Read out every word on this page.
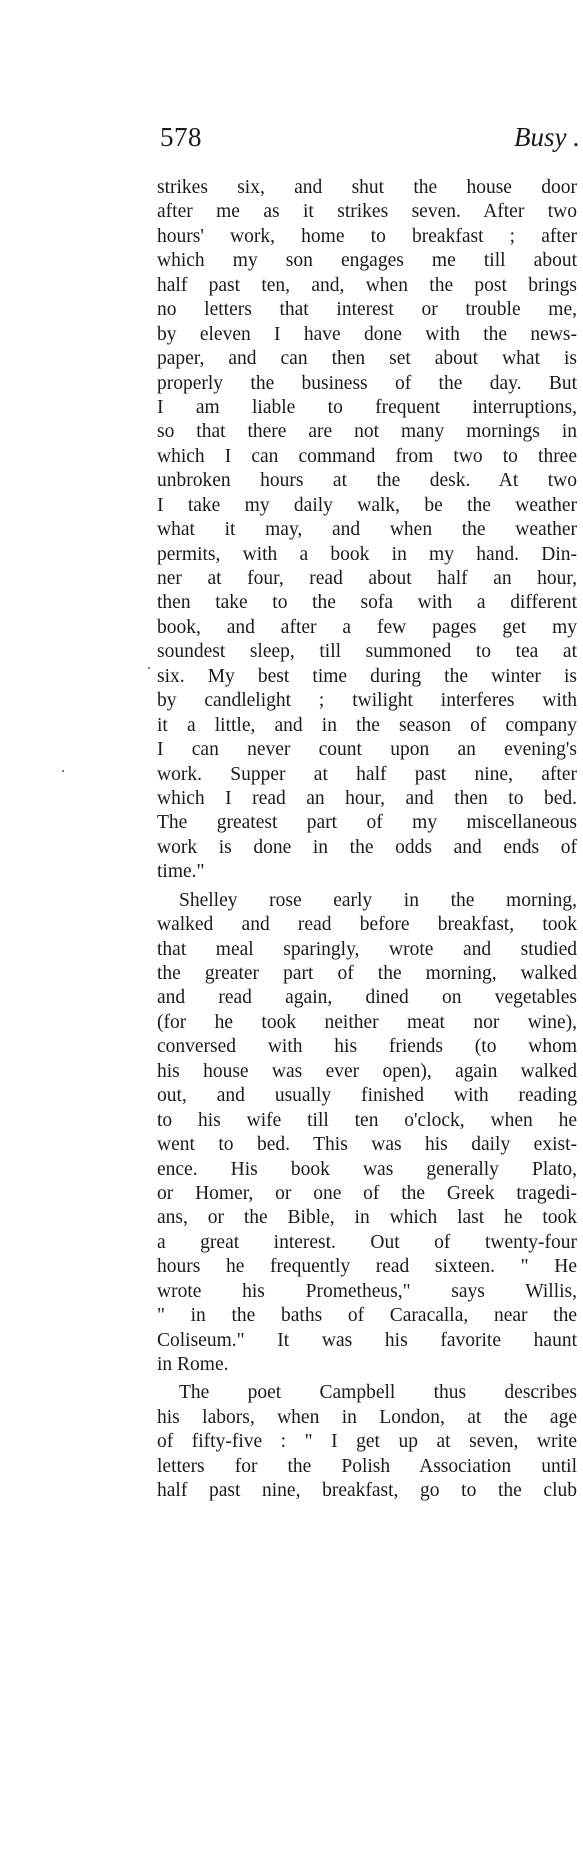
578	Busy .
strikes six, and shut the house door
after me as it strikes seven. After two
hours' work, home to breakfast ; after
which my son engages me till about
half past ten, and, when the post brings
no letters that interest or trouble me,
by eleven I have done with the news-
paper, and can then set about what is
properly the business of the day. But
I am liable to frequent interruptions,
so that there are not many mornings in
which I can command from two to three
unbroken hours at the desk. At two
I take my daily walk, be the weather
what it may, and when the weather
permits, with a book in my hand. Din-
ner at four, read about half an hour,
then take to the sofa with a different
book, and after a few pages get my
soundest sleep, till summoned to tea at
six. My best time during the winter is
by candlelight ; twilight interferes with
it a little, and in the season of company
I can never count upon an evening's
work. Supper at half past nine, after
which I read an hour, and then to bed.
The greatest part of my miscellaneous
work is done in the odds and ends of
time."
Shelley rose early in the morning,
walked and read before breakfast, took
that meal sparingly, wrote and studied
the greater part of the morning, walked
and read again, dined on vegetables
(for he took neither meat nor wine),
conversed with his friends (to whom
his house was ever open), again walked
out, and usually finished with reading
to his wife till ten o'clock, when he
went to bed. This was his daily exist-
ence. His book was generally Plato,
or Homer, or one of the Greek tragedi-
ans, or the Bible, in which last he took
a great interest. Out of twenty-four
hours he frequently read sixteen. " He
wrote his Prometheus," says Willis,
" in the baths of Caracalla, near the
Coliseum." It was his favorite haunt
in Rome.
The poet Campbell thus describes
his labors, when in London, at the age
of fifty-five : " I get up at seven, write
letters for the Polish Association until
half past nine, breakfast, go to the club
